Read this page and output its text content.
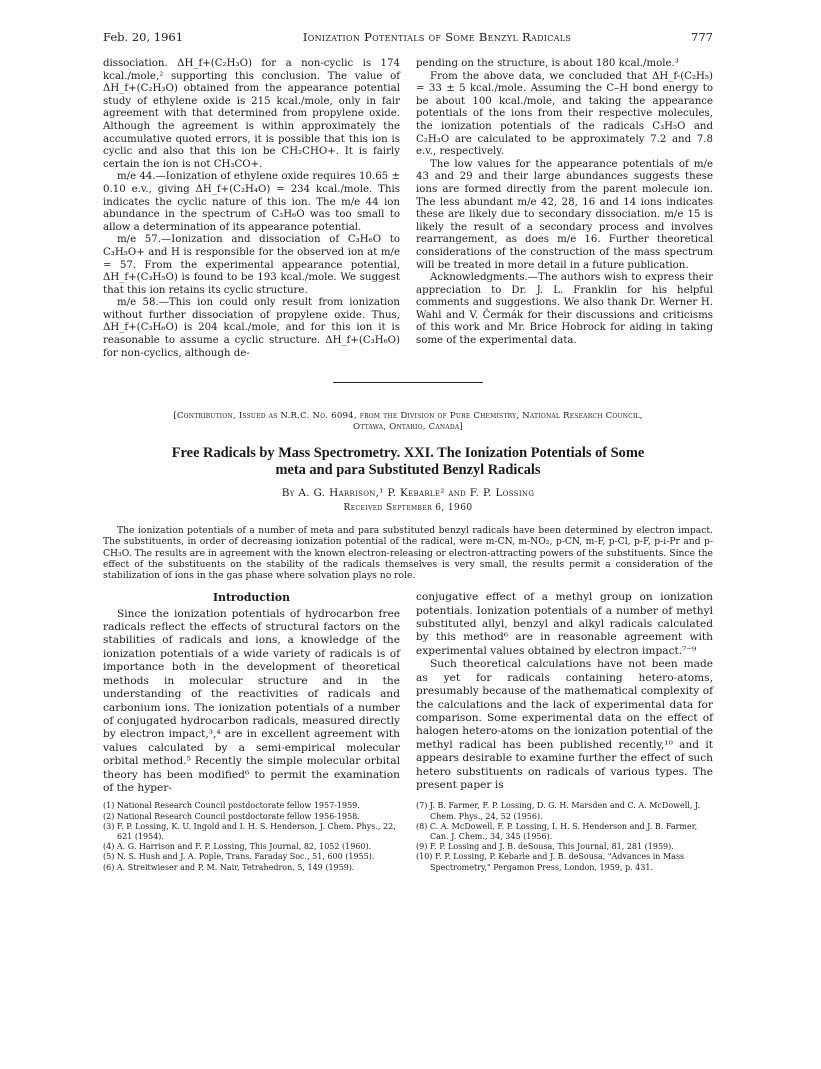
Feb. 20, 1961	Ionization Potentials of Some Benzyl Radicals	777

dissociation. ΔH_f+(C₂H₃O) for a non-cyclic is 174 kcal./mole,² supporting this conclusion. The value of ΔH_f+(C₂H₃O) obtained from the appearance potential study of ethylene oxide is 215 kcal./mole, only in fair agreement with that determined from propylene oxide. Although the agreement is within approximately the accumulative quoted errors, it is possible that this ion is cyclic and also that this ion be CH₂CHO+. It is fairly certain the ion is not CH₃CO+.

m/e 44.—Ionization of ethylene oxide requires 10.65 ± 0.10 e.v., giving ΔH_f+(C₂H₄O) = 234 kcal./mole. This indicates the cyclic nature of this ion. The m/e 44 ion abundance in the spectrum of C₃H₆O was too small to allow a determination of its appearance potential.

m/e 57.—Ionization and dissociation of C₃H₆O to C₃H₅O+ and H is responsible for the observed ion at m/e = 57. From the experimental appearance potential, ΔH_f+(C₃H₅O) is found to be 193 kcal./mole. We suggest that this ion retains its cyclic structure.

m/e 58.—This ion could only result from ionization without further dissociation of propylene oxide. Thus, ΔH_f+(C₃H₆O) is 204 kcal./mole, and for this ion it is reasonable to assume a cyclic structure. ΔH_f+(C₃H₆O) for non-cyclics, although de-

pending on the structure, is about 180 kcal./mole.³

From the above data, we concluded that ΔH_f-(C₂H₅) = 33 ± 5 kcal./mole. Assuming the C–H bond energy to be about 100 kcal./mole, and taking the appearance potentials of the ions from their respective molecules, the ionization potentials of the radicals C₃H₅O and C₂H₃O are calculated to be approximately 7.2 and 7.8 e.v., respectively.

The low values for the appearance potentials of m/e 43 and 29 and their large abundances suggests these ions are formed directly from the parent molecule ion. The less abundant m/e 42, 28, 16 and 14 ions indicates these are likely due to secondary dissociation. m/e 15 is likely the result of a secondary process and involves rearrangement, as does m/e 16. Further theoretical considerations of the construction of the mass spectrum will be treated in more detail in a future publication.

Acknowledgments.—The authors wish to express their appreciation to Dr. J. L. Franklin for his helpful comments and suggestions. We also thank Dr. Werner H. Wahl and V. Čermák for their discussions and criticisms of this work and Mr. Brice Hobrock for aiding in taking some of the experimental data.

[Contribution, Issued as N.R.C. No. 6094, from the Division of Pure Chemistry, National Research Council,
Ottawa, Ontario, Canada]
Free Radicals by Mass Spectrometry. XXI. The Ionization Potentials of Some
meta and para Substituted Benzyl Radicals
By A. G. Harrison,¹ P. Kebarle² and F. P. Lossing
Received September 6, 1960
The ionization potentials of a number of meta and para substituted benzyl radicals have been determined by electron impact. The substituents, in order of decreasing ionization potential of the radical, were m-CN, m-NO₂, p-CN, m-F, p-Cl, p-F, p-i-Pr and p-CH₃O. The results are in agreement with the known electron-releasing or electron-attracting powers of the substituents. Since the effect of the substituents on the stability of the radicals themselves is very small, the results permit a consideration of the stabilization of ions in the gas phase where solvation plays no role.
Introduction

Since the ionization potentials of hydrocarbon free radicals reflect the effects of structural factors on the stabilities of radicals and ions, a knowledge of the ionization potentials of a wide variety of radicals is of importance both in the development of theoretical methods in molecular structure and in the understanding of the reactivities of radicals and carbonium ions. The ionization potentials of a number of conjugated hydrocarbon radicals, measured directly by electron impact,³,⁴ are in excellent agreement with values calculated by a semi-empirical molecular orbital method.⁵ Recently the simple molecular orbital theory has been modified⁶ to permit the examination of the hyper-

conjugative effect of a methyl group on ionization potentials. Ionization potentials of a number of methyl substituted allyl, benzyl and alkyl radicals calculated by this method⁶ are in reasonable agreement with experimental values obtained by electron impact.⁷⁻⁹

Such theoretical calculations have not been made as yet for radicals containing hetero-atoms, presumably because of the mathematical complexity of the calculations and the lack of experimental data for comparison. Some experimental data on the effect of halogen hetero-atoms on the ionization potential of the methyl radical has been published recently,¹⁰ and it appears desirable to examine further the effect of such hetero substituents on radicals of various types. The present paper is

(1) National Research Council postdoctorate fellow 1957-1959.
(2) National Research Council postdoctorate fellow 1956-1958.
(3) F. P. Lossing, K. U. Ingold and I. H. S. Henderson, J. Chem. Phys., 22, 621 (1954).
(4) A. G. Harrison and F. P. Lossing, This Journal, 82, 1052 (1960).
(5) N. S. Hush and J. A. Pople, Trans. Faraday Soc., 51, 600 (1955).
(6) A. Streitwieser and P. M. Nair, Tetrahedron, 5, 149 (1959).
(7) J. B. Farmer, F. P. Lossing, D. G. H. Marsden and C. A. McDowell, J. Chem. Phys., 24, 52 (1956).
(8) C. A. McDowell, F. P. Lossing, I. H. S. Henderson and J. B. Farmer, Can. J. Chem., 34, 345 (1956).
(9) F. P. Lossing and J. B. deSousa, This Journal, 81, 281 (1959).
(10) F. P. Lossing, P. Kebarle and J. B. deSousa, "Advances in Mass Spectrometry," Pergamon Press, London, 1959, p. 431.
